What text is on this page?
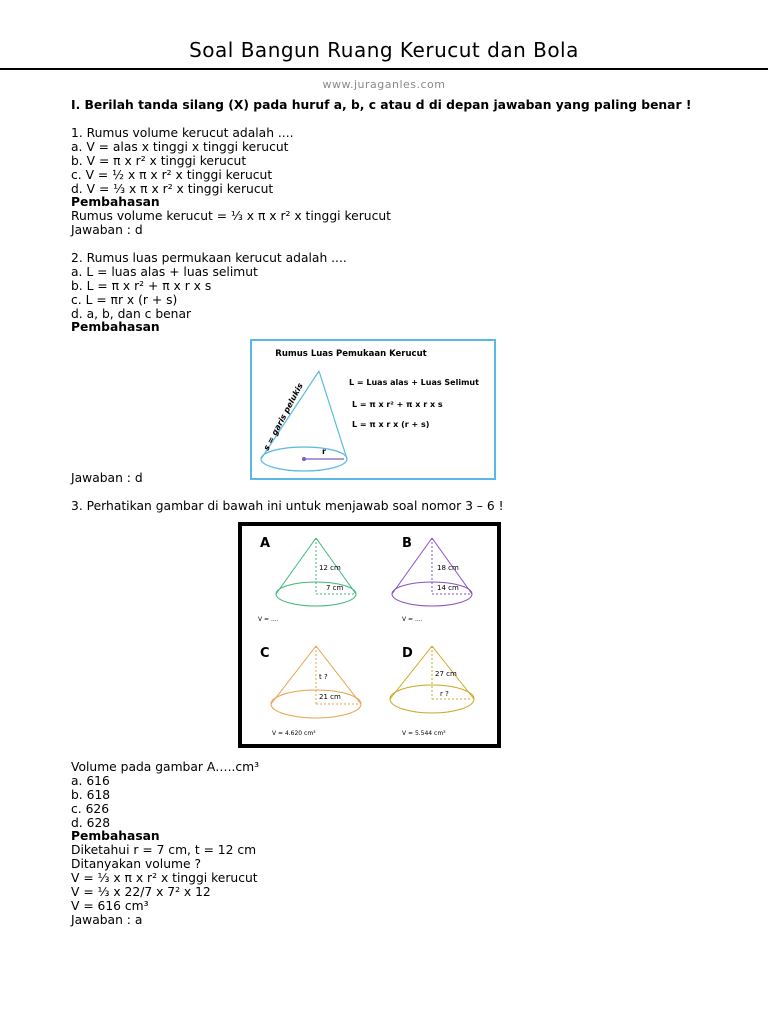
Soal Bangun Ruang Kerucut dan Bola
www.juraganles.com
I. Berilah tanda silang (X) pada huruf a, b, c atau d di depan jawaban yang paling benar !
1. Rumus volume kerucut adalah ....
a. V = alas x tinggi x tinggi kerucut
b. V = π x r² x tinggi kerucut
c. V = ½ x π x r² x tinggi kerucut
d. V = ⅓ x π x r² x tinggi kerucut
Pembahasan
Rumus volume kerucut = ⅓ x π x r² x tinggi kerucut
Jawaban : d
2. Rumus luas permukaan kerucut adalah ....
a. L = luas alas + luas selimut
b. L = π x r² + π x r x s
c. L = πr x (r + s)
d. a, b, dan c benar
Pembahasan
Rumus Luas Pemukaan Kerucut
r
s = garis pelukis	L = Luas alas + Luas Selimut
L = π x r² + π x r x s
L = π x r x (r + s)
Jawaban : d
3. Perhatikan gambar di bawah ini untuk menjawab soal nomor 3 – 6 !
A
12 cm
7 cm
V = ....
B
18 cm
14 cm
V = ....
C
t ?
21 cm
V = 4.620 cm³
D
27 cm
r ?
V = 5.544 cm³
Volume pada gambar A…..cm³
a. 616
b. 618
c. 626
d. 628
Pembahasan
Diketahui r = 7 cm, t = 12 cm
Ditanyakan volume ?
V = ⅓ x π x r² x tinggi kerucut
V = ⅓ x 22/7 x 7² x 12
V = 616 cm³
Jawaban : a
